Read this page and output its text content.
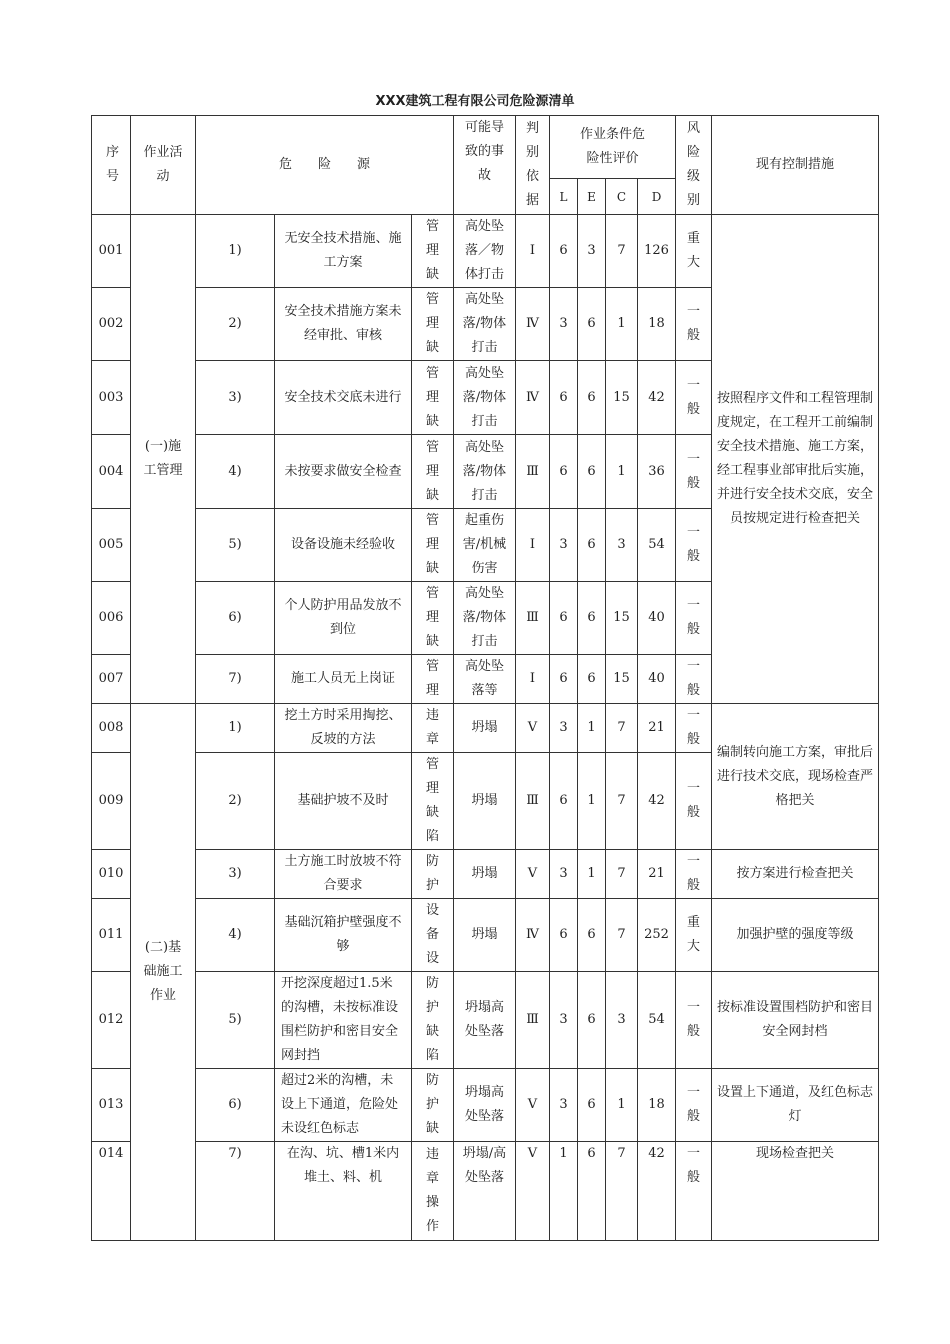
XXX建筑工程有限公司危险源清单
序号	作业活动	危　　险　　源			可能导致的事故	判别依据	作业条件危险性评价				风险级别	现有控制措施
							L	E	C	D		
001	(一)施工管理	1)	无安全技术措施、施工方案	管理缺	高处坠落／物体打击	Ⅰ	6	3	7	126	重大	按照程序文件和工程管理制度规定，在工程开工前编制安全技术措施、施工方案，经工程事业部审批后实施，并进行安全技术交底，安全员按规定进行检查把关
002		2)	安全技术措施方案未经审批、审核	管理缺	高处坠落/物体打击	Ⅳ	3	6	1	18	一般	
003		3)	安全技术交底未进行	管理缺	高处坠落/物体打击	Ⅳ	6	6	15	42	一般	
004		4)	未按要求做安全检查	管理缺	高处坠落/物体打击	Ⅲ	6	6	1	36	一般	
005		5)	设备设施未经验收	管理缺	起重伤害/机械伤害	Ⅰ	3	6	3	54	一般	
006		6)	个人防护用品发放不到位	管理缺	高处坠落/物体打击	Ⅲ	6	6	15	40	一般	
007		7)	施工人员无上岗证	管理	高处坠落等	Ⅰ	6	6	15	40	一般	
008	(二)基础施工作业	1)	挖土方时采用掏挖、反坡的方法	违章	坍塌	Ⅴ	3	1	7	21	一般	编制转向施工方案，审批后进行技术交底，现场检查严格把关
009		2)	基础护坡不及时	管理缺陷	坍塌	Ⅲ	6	1	7	42	一般	
010		3)	土方施工时放坡不符合要求	防护	坍塌	Ⅴ	3	1	7	21	一般	按方案进行检查把关
011		4)	基础沉箱护壁强度不够	设备设	坍塌	Ⅳ	6	6	7	252	重大	加强护壁的强度等级
012		5)	开挖深度超过1.5米的沟槽，未按标准设围栏防护和密目安全网封挡	防护缺陷	坍塌高处坠落	Ⅲ	3	6	3	54	一般	按标准设置围档防护和密目安全网封档
013		6)	超过2米的沟槽，未设上下通道，危险处未设红色标志	防护缺	坍塌高处坠落	Ⅴ	3	6	1	18	一般	设置上下通道，及红色标志灯
014		7)	在沟、坑、槽1米内堆土、料、机	违章操作	坍塌/高处坠落	Ⅴ	1	6	7	42	一般	现场检查把关
